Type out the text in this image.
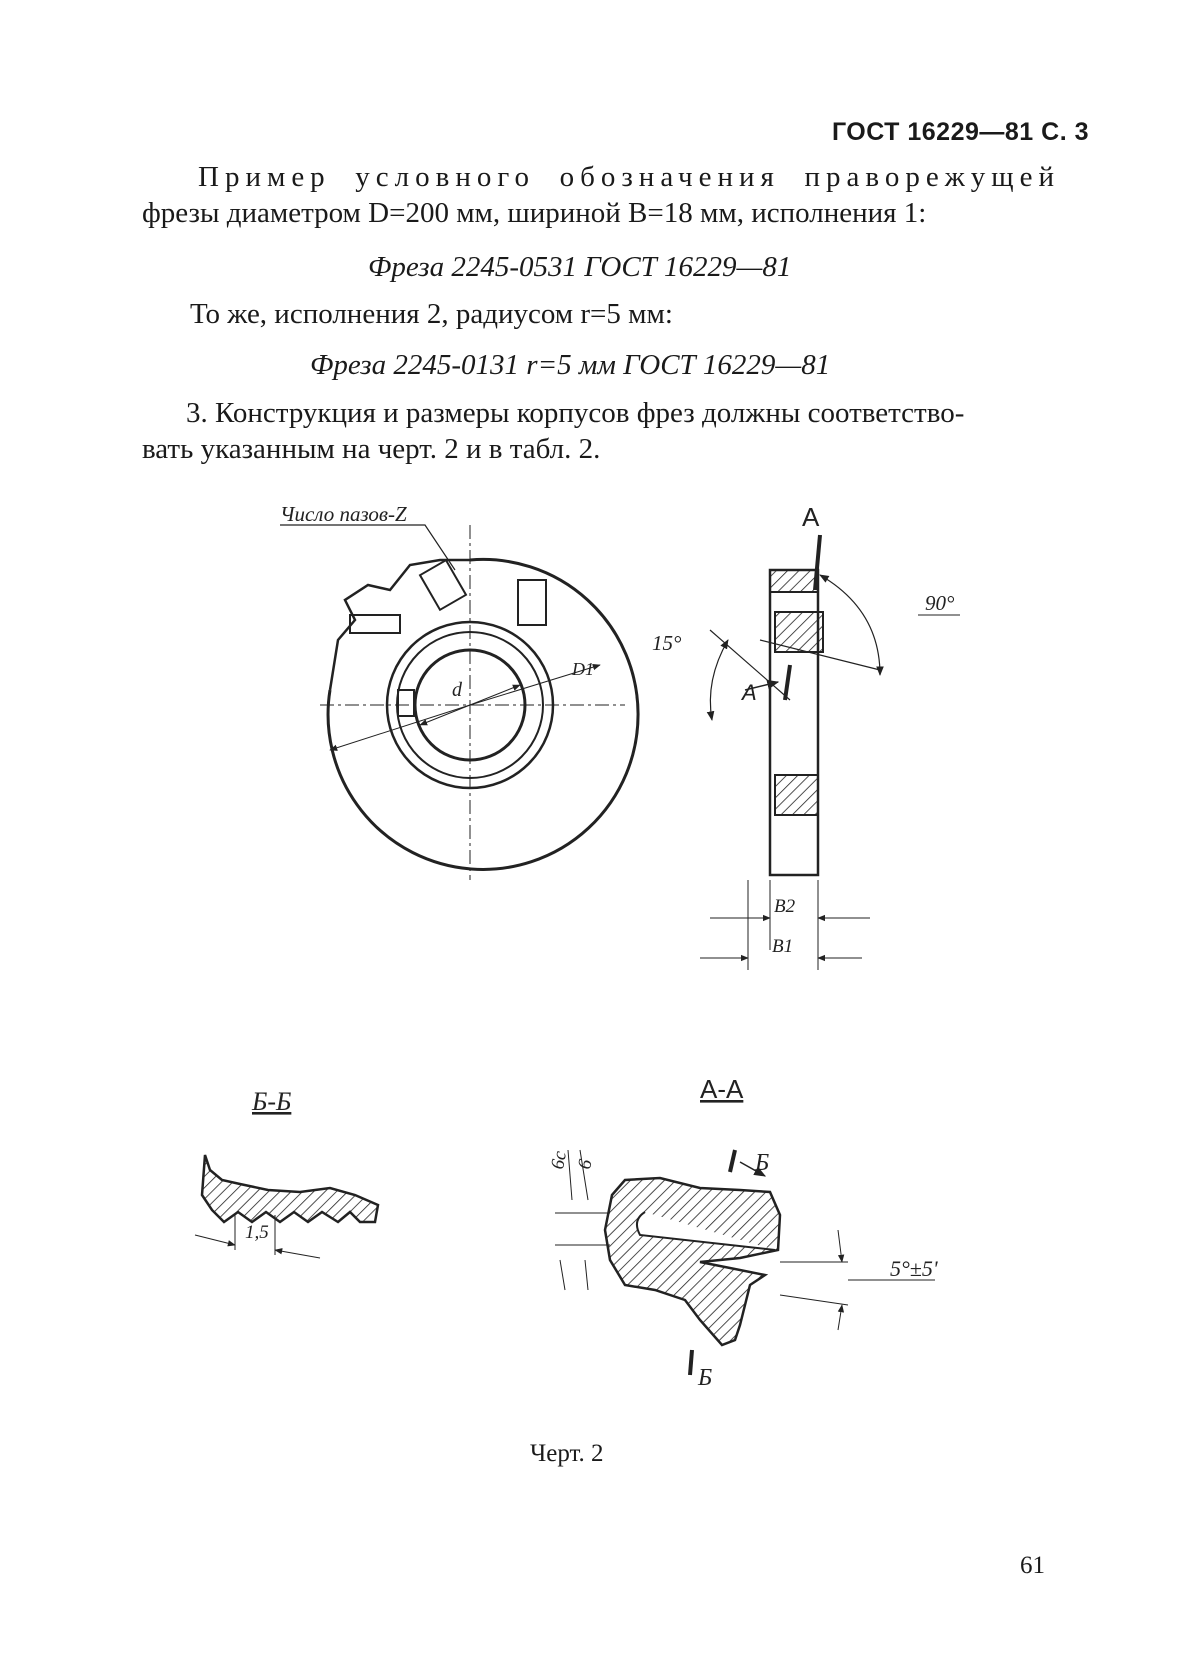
ГОСТ 16229—81 С. 3
Пример условного обозначения праворежущей
фрезы диаметром D=200 мм, шириной B=18 мм, исполнения 1:
Фреза 2245-0531 ГОСТ 16229—81
То же, исполнения 2, радиусом r=5 мм:
Фреза 2245-0131 r=5 мм ГОСТ 16229—81
3. Конструкция и размеры корпусов фрез должны соответство-
вать указанным на черт. 2 и в табл. 2.
Число пазов-Z
d
D1
A
A
90°
15°
B2
B1
Б-Б
1,5
A-A
6c 6	Б
Б
5°±5'
Черт. 2
61
